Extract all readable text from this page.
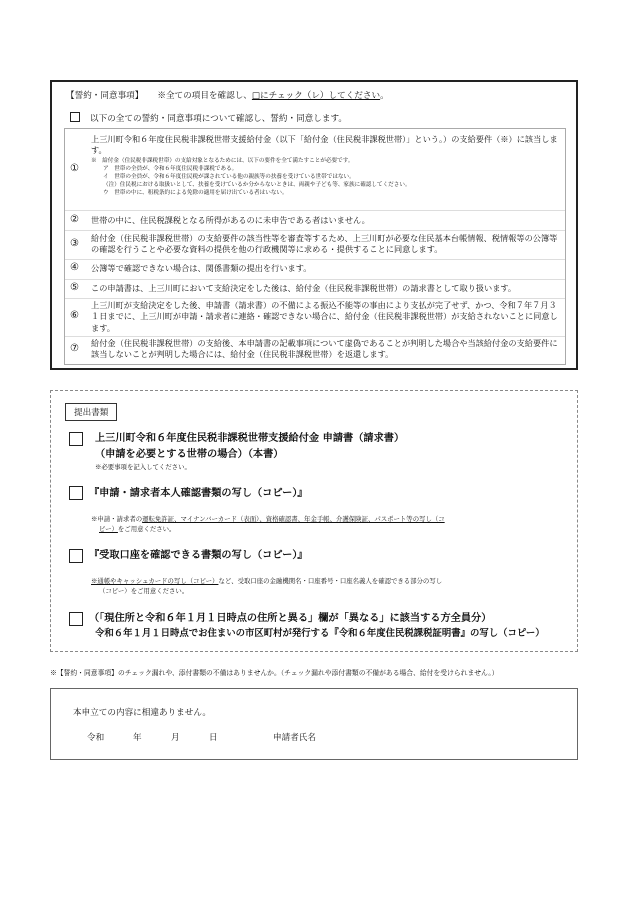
【誓約・同意事項】 ※全ての項目を確認し、□にチェック（レ）してください。
以下の全ての誓約・同意事項について確認し、誓約・同意します。
①
上三川町令和６年度住民税非課税世帯支援給付金（以下「給付金（住民税非課税世帯）」という。）の支給要件（※）に該当します。
※　給付金（住民税非課税世帯）の支給対象となるためには、以下の要件を全て満たすことが必要です。
ア　世帯の全員が、令和６年度住民税非課税である。
イ　世帯の全員が、令和６年度住民税が課されている他の親族等の扶養を受けている世帯ではない。
（注）住民税における取扱いとして、扶養を受けているか分からないときは、両親や子ども等、家族に確認してください。
ウ　世帯の中に、租税条約による免除の適用を届け出ている者はいない。
② 世帯の中に、住民税課税となる所得があるのに未申告である者はいません。
③ 給付金（住民税非課税世帯）の支給要件の該当性等を審査等するため、上三川町が必要な住民基本台帳情報、税情報等の公簿等の確認を行うことや必要な資料の提供を他の行政機関等に求める・提供することに同意します。
④ 公簿等で確認できない場合は、関係書類の提出を行います。
⑤ この申請書は、上三川町において支給決定をした後は、給付金（住民税非課税世帯）の請求書として取り扱います。
⑥
上三川町が支給決定をした後、申請書（請求書）の不備による振込不能等の事由により支払が完了せず、かつ、令和７年７月３１日までに、上三川町が申請・請求者に連絡・確認できない場合に、給付金（住民税非課税世帯）が支給されないことに同意します。
⑦ 給付金（住民税非課税世帯）の支給後、本申請書の記載事項について虚偽であることが判明した場合や当該給付金の支給要件に該当しないことが判明した場合には、給付金（住民税非課税世帯）を返還します。
提出書類
上三川町令和６年度住民税非課税世帯支援給付金 申請書（請求書）
（申請を必要とする世帯の場合）（本書）
※必要事項を記入してください。
『申請・請求者本人確認書類の写し（コピー）』
※申請・請求者の運転免許証、マイナンバーカード（表面）、資格確認書、年金手帳、介護保険証、パスポート等の写し（コ
ピー）をご用意ください。
『受取口座を確認できる書類の写し（コピー）』
※通帳やキャッシュカードの写し（コピー）など、受取口座の金融機関名・口座番号・口座名義人を確認できる部分の写し
（コピー）をご用意ください。
（「現住所と令和６年１月１日時点の住所と異る」欄が「異なる」に該当する方全員分）
令和６年１月１日時点でお住まいの市区町村が発行する『令和６年度住民税課税証明書』の写し（コピー）
※【誓約・同意事項】のチェック漏れや、添付書類の不備はありませんか。（チェック漏れや添付書類の不備がある場合、給付を受けられません。）
本申立ての内容に相違ありません。
令和	年	月	日	申請者氏名
